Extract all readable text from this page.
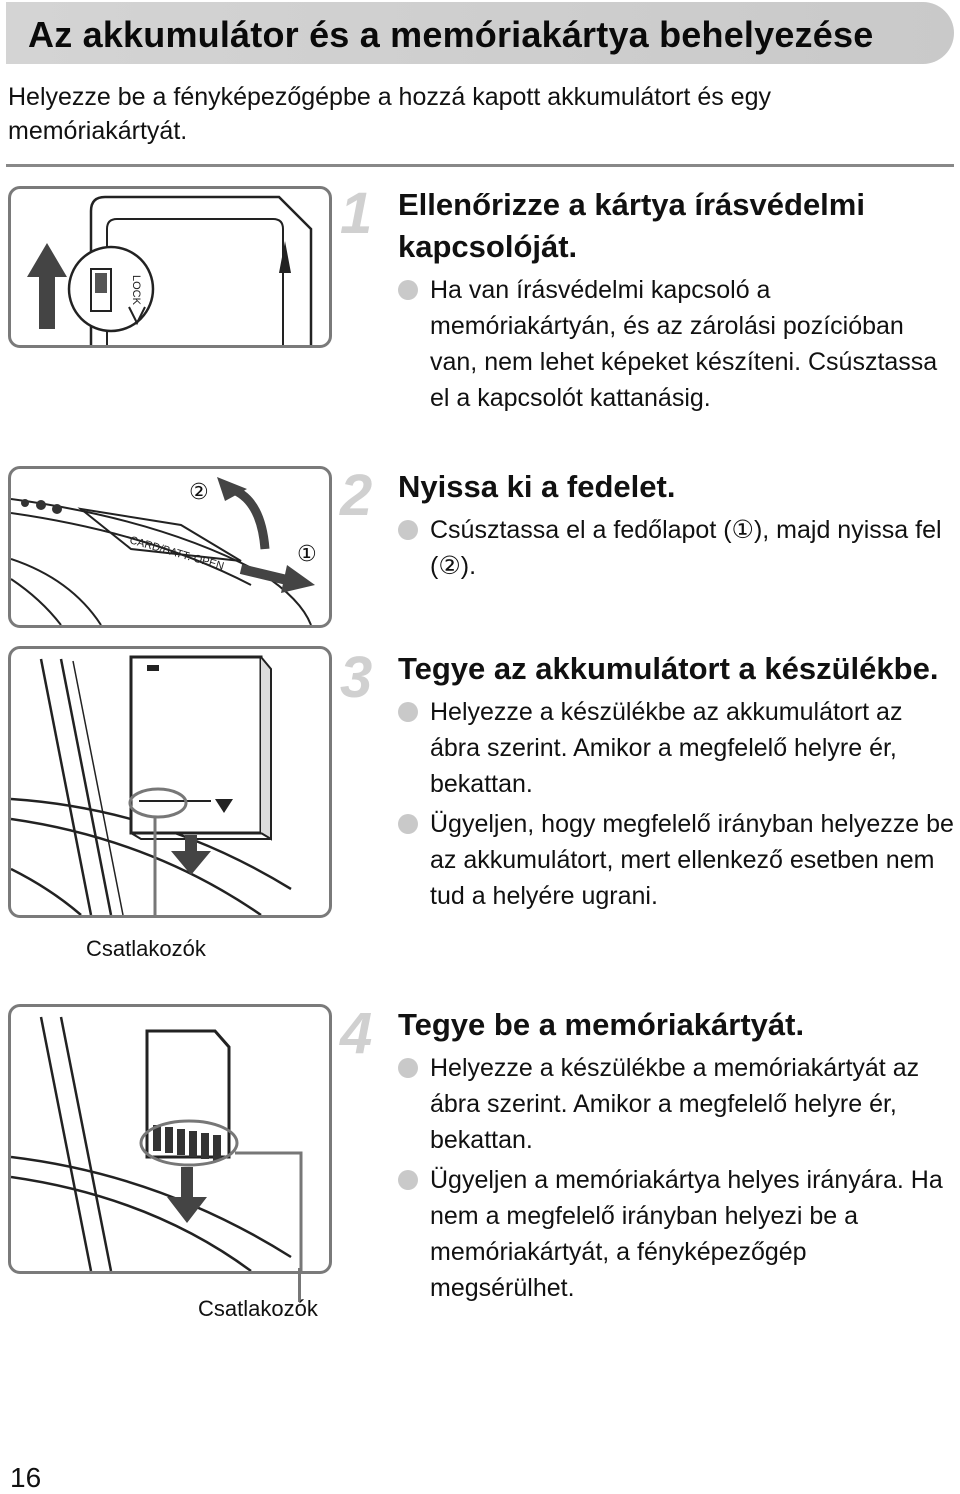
Az akkumulátor és a memóriakártya behelyezése
Helyezze be a fényképezőgépbe a hozzá kapott akkumulátort és egy memóriakártyát.
LOCK
CARD/BATT. OPEN
②
①
Csatlakozók
Csatlakozók
1 Ellenőrizze a kártya írásvédelmi kapcsolóját.
Ha van írásvédelmi kapcsoló a memóriakártyán, és az zárolási pozícióban van, nem lehet képeket készíteni. Csúsztassa el a kapcsolót kattanásig.
2 Nyissa ki a fedelet.
Csúsztassa el a fedőlapot (①), majd nyissa fel (②).
3 Tegye az akkumulátort a készülékbe.
Helyezze a készülékbe az akkumulátort az ábra szerint. Amikor a megfelelő helyre ér, bekattan.
Ügyeljen, hogy megfelelő irányban helyezze be az akkumulátort, mert ellenkező esetben nem tud a helyére ugrani.
4 Tegye be a memóriakártyát.
Helyezze a készülékbe a memóriakártyát az ábra szerint. Amikor a megfelelő helyre ér, bekattan.
Ügyeljen a memóriakártya helyes irányára. Ha nem a megfelelő irányban helyezi be a memóriakártyát, a fényképezőgép megsérülhet.
16
